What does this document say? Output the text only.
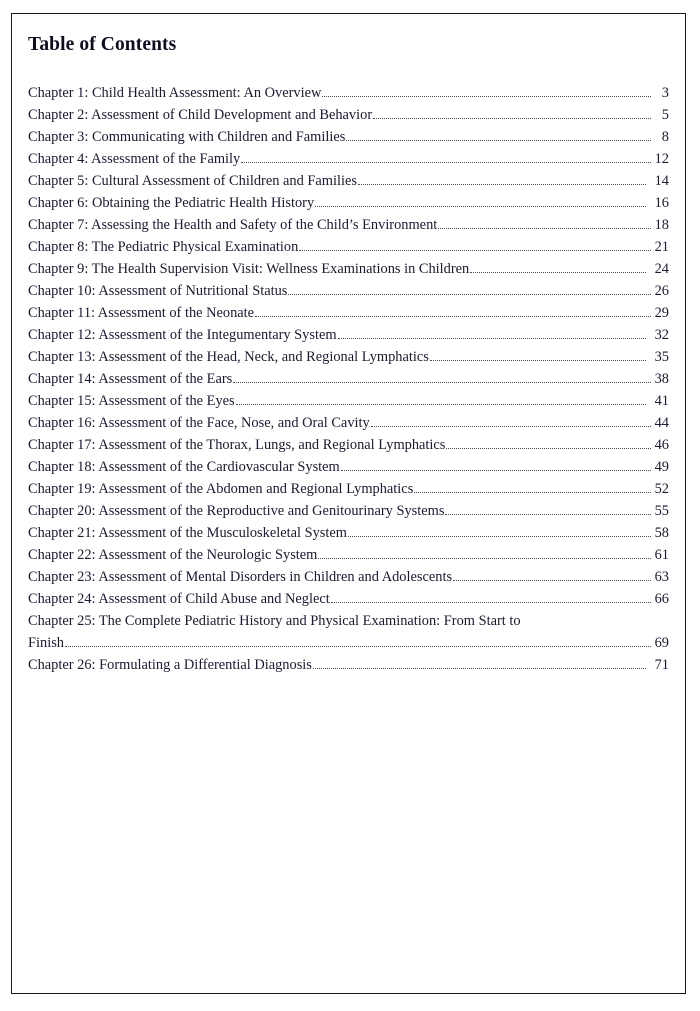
Table of Contents
Chapter 1: Child Health Assessment: An Overview	3
Chapter 2: Assessment of Child Development and Behavior	5
Chapter 3: Communicating with Children and Families	8
Chapter 4: Assessment of the Family	12
Chapter 5: Cultural Assessment of Children and Families	14
Chapter 6: Obtaining the Pediatric Health History	16
Chapter 7: Assessing the Health and Safety of the Child’s Environment	18
Chapter 8: The Pediatric Physical Examination	21
Chapter 9: The Health Supervision Visit: Wellness Examinations in Children	24
Chapter 10: Assessment of Nutritional Status	26
Chapter 11: Assessment of the Neonate	29
Chapter 12: Assessment of the Integumentary System	32
Chapter 13: Assessment of the Head, Neck, and Regional Lymphatics	35
Chapter 14: Assessment of the Ears	38
Chapter 15: Assessment of the Eyes	41
Chapter 16: Assessment of the Face, Nose, and Oral Cavity	44
Chapter 17: Assessment of the Thorax, Lungs, and Regional Lymphatics	46
Chapter 18: Assessment of the Cardiovascular System	49
Chapter 19: Assessment of the Abdomen and Regional Lymphatics	52
Chapter 20: Assessment of the Reproductive and Genitourinary Systems	55
Chapter 21: Assessment of the Musculoskeletal System	58
Chapter 22: Assessment of the Neurologic System	61
Chapter 23: Assessment of Mental Disorders in Children and Adolescents	63
Chapter 24: Assessment of Child Abuse and Neglect	66
Chapter 25: The Complete Pediatric History and Physical Examination: From Start to
Finish	69
Chapter 26: Formulating a Differential Diagnosis	71
